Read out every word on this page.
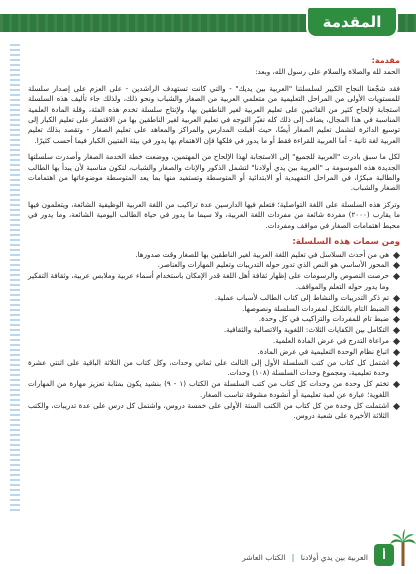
المقدمة
مقدمة:

الحمد لله والصلاة والسلام على رسول الله، وبعد:

فقد شجّعنا النجاح الكبير لسلسلتنا "العربية بين يديك" - والتي كانت تستهدف الراشدين - على العزم على إصدار سلسلة للمستويات الأولى من المراحل التعليمية من متعلمي العربية من الصغار والشباب ونحو ذلك، ولذلك جاء تأليف هذه السلسلة استجابة لإلحاح كثير من القائمين على تعليم العربية لغير الناطقين بها، ولإنتاج سلسلة تخدم هذه الفئة، وقلة المادة العلمية المناسبة في هذا المجال، يضاف إلى ذلك كله تغيّر التوجه في تعليم العربية لغير الناطقين بها من الاقتصار على تعليم الكبار إلى توسيع الدائرة لتشمل تعليم الصغار أيضًا، حيث أقبلت المدارس والمراكز والمعاهد على تعليم الصغار - وتقصد بذلك تعليم العربية لغة ثانية - أما العربية للقراءة فقط أو ما يدور في فلكها فإن الاهتمام بها يدور في بيئة الفتيين الكبار فيما أحسب كثيرًا.

لكل ما سبق بادرت "العربية للجميع" إلى الاستجابة لهذا الإلحاح من المهتمين، ووضعت خطة الخدمة الصغار وأصدرت سلسلتها الجديدة هذه الموسومة بـ "العربية بين يدي أولادنا" لتشمل الذكور والإناث والصغار والشباب، لتكون مناسبة لأن يبدأ بها الطالب والطالبة مبكرًا، في المراحل التمهيدية أو الابتدائية أو المتوسطة وتستفيد منها بما يعد المتوسطة موضوعاتها من اهتمامات الصغار والشباب.

وتركز هذه السلسلة على اللغة التواصلية؛ فتعلم فيها الدارسين عدة تراكيب من اللغة العربية الوظيفية الشائعة، ويتعلمون فيها ما يقارب (٢٠٠٠) مفردة شائعة من مفردات اللغة العربية، ولا سيما ما يدور في حياة الطالب اليومية الشائعة، وما يدور في محيط اهتمامات الصغار في مواقف ومفردات.

ومن سمات هذه السلسلة:
هي من أحدث السلاسل في تعليم اللغة العربية لغير الناطقين بها للصغار وقت صدورها.
المحور الأساسي هو النص الذي تدور حوله التدريبات وتعليم المهارات والعناصر.
حرصت النصوص والرسومات على إظهار ثقافة أهل اللغة قدر الإمكان باستخدام أسماء عربية وملابس عربية، وثقافة التفكير وما يدور حوله التعلم والمواقف.
تم ذكر التدريبات والنشاط إلى كتاب الطالب لأسباب عملية.
الضبط التام بالشكل لمفردات السلسلة ونصوصها.
ضبط تام للمفردات والتراكيب في كل وحدة.
التكامل بين الكفايات الثلاث: اللغوية والاتصالية والثقافية.
مراعاة التدرج في عرض المادة العلمية.
اتباع نظام الوحدة التعليمية في عرض المادة.
اشتمل كل كتاب من كتب السلسلة الأول إلى الثالث على ثماني وحدات، وكل كتاب من الثلاثة الباقية على اثنتي عشرة وحدة تعليمية، ومجموع وحدات السلسلة (١٠٨) وحدات.
تختم كل وحدة من وحدات كل كتاب من كتب السلسلة من الكتاب (١ - ٩) بنشيد يكون بمثابة تعزيز مهارة من المهارات اللغوية؛ عبارة عن لعبة تعليمية أو أنشودة مشوقة تناسب الصغار.
اشتملت كل وحدة من كل كتاب من الكتب الستة الأولى على خمسة دروس، واشتمل كل درس على عدة تدريبات، والكتب الثلاثة الأخيرة على شعبة دروس.
أ
العربية بين يدي أولادنا | الكتاب العاشر
